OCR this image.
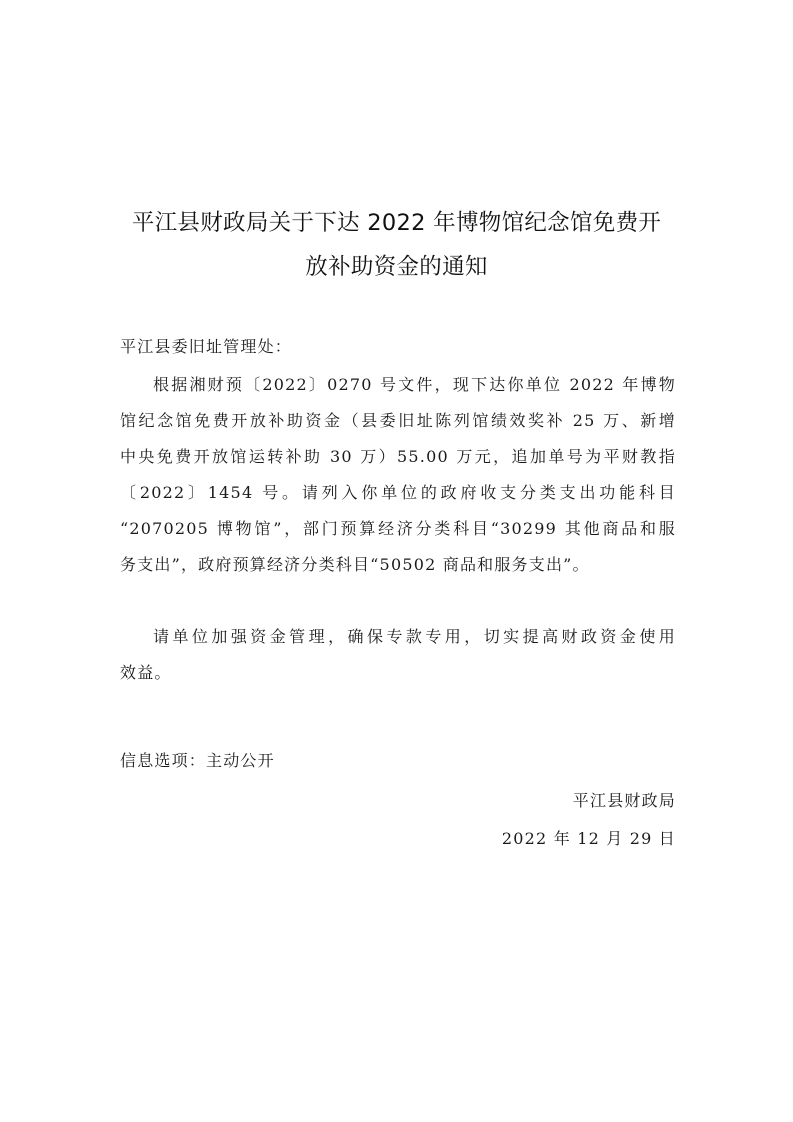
平江县财政局关于下达 2022 年博物馆纪念馆免费开
放补助资金的通知
平江县委旧址管理处：
根据湘财预〔2022〕0270 号文件，现下达你单位 2022 年博物
馆纪念馆免费开放补助资金（县委旧址陈列馆绩效奖补 25 万、新增
中央免费开放馆运转补助 30 万）55.00 万元，追加单号为平财教指
〔2022〕1454 号。请列入你单位的政府收支分类支出功能科目
“2070205 博物馆”，部门预算经济分类科目“30299 其他商品和服
务支出”，政府预算经济分类科目“50502 商品和服务支出”。
请单位加强资金管理，确保专款专用，切实提高财政资金使用
效益。
信息选项：主动公开
平江县财政局
2022 年 12 月 29 日
